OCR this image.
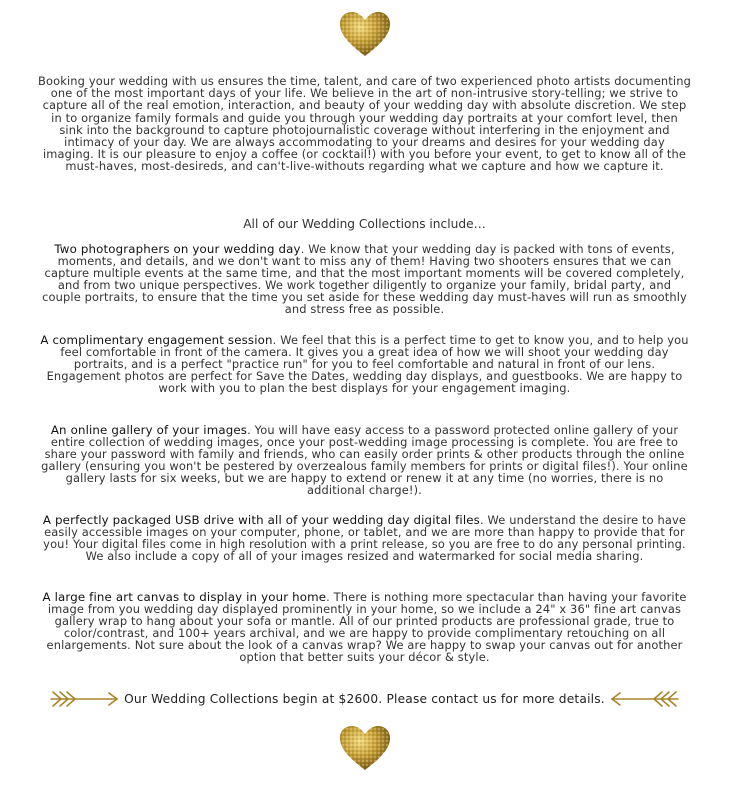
Booking your wedding with us ensures the time, talent, and care of two experienced photo artists documenting one of the most important days of your life. We believe in the art of non-intrusive story-telling; we strive to capture all of the real emotion, interaction, and beauty of your wedding day with absolute discretion. We step in to organize family formals and guide you through your wedding day portraits at your comfort level, then sink into the background to capture photojournalistic coverage without interfering in the enjoyment and intimacy of your day. We are always accommodating to your dreams and desires for your wedding day imaging. It is our pleasure to enjoy a coffee (or cocktail!) with you before your event, to get to know all of the must-haves, most-desireds, and can't-live-withouts regarding what we capture and how we capture it.
All of our Wedding Collections include…
Two photographers on your wedding day. We know that your wedding day is packed with tons of events, moments, and details, and we don't want to miss any of them! Having two shooters ensures that we can capture multiple events at the same time, and that the most important moments will be covered completely, and from two unique perspectives. We work together diligently to organize your family, bridal party, and couple portraits, to ensure that the time you set aside for these wedding day must-haves will run as smoothly and stress free as possible.
A complimentary engagement session. We feel that this is a perfect time to get to know you, and to help you feel comfortable in front of the camera. It gives you a great idea of how we will shoot your wedding day portraits, and is a perfect "practice run" for you to feel comfortable and natural in front of our lens. Engagement photos are perfect for Save the Dates, wedding day displays, and guestbooks. We are happy to work with you to plan the best displays for your engagement imaging.
An online gallery of your images. You will have easy access to a password protected online gallery of your entire collection of wedding images, once your post-wedding image processing is complete. You are free to share your password with family and friends, who can easily order prints & other products through the online gallery (ensuring you won't be pestered by overzealous family members for prints or digital files!). Your online gallery lasts for six weeks, but we are happy to extend or renew it at any time (no worries, there is no additional charge!).
A perfectly packaged USB drive with all of your wedding day digital files. We understand the desire to have easily accessible images on your computer, phone, or tablet, and we are more than happy to provide that for you! Your digital files come in high resolution with a print release, so you are free to do any personal printing. We also include a copy of all of your images resized and watermarked for social media sharing.
A large fine art canvas to display in your home. There is nothing more spectacular than having your favorite image from you wedding day displayed prominently in your home, so we include a 24" x 36" fine art canvas gallery wrap to hang about your sofa or mantle. All of our printed products are professional grade, true to color/contrast, and 100+ years archival, and we are happy to provide complimentary retouching on all enlargements. Not sure about the look of a canvas wrap? We are happy to swap your canvas out for another option that better suits your décor & style.
Our Wedding Collections begin at $2600. Please contact us for more details.
